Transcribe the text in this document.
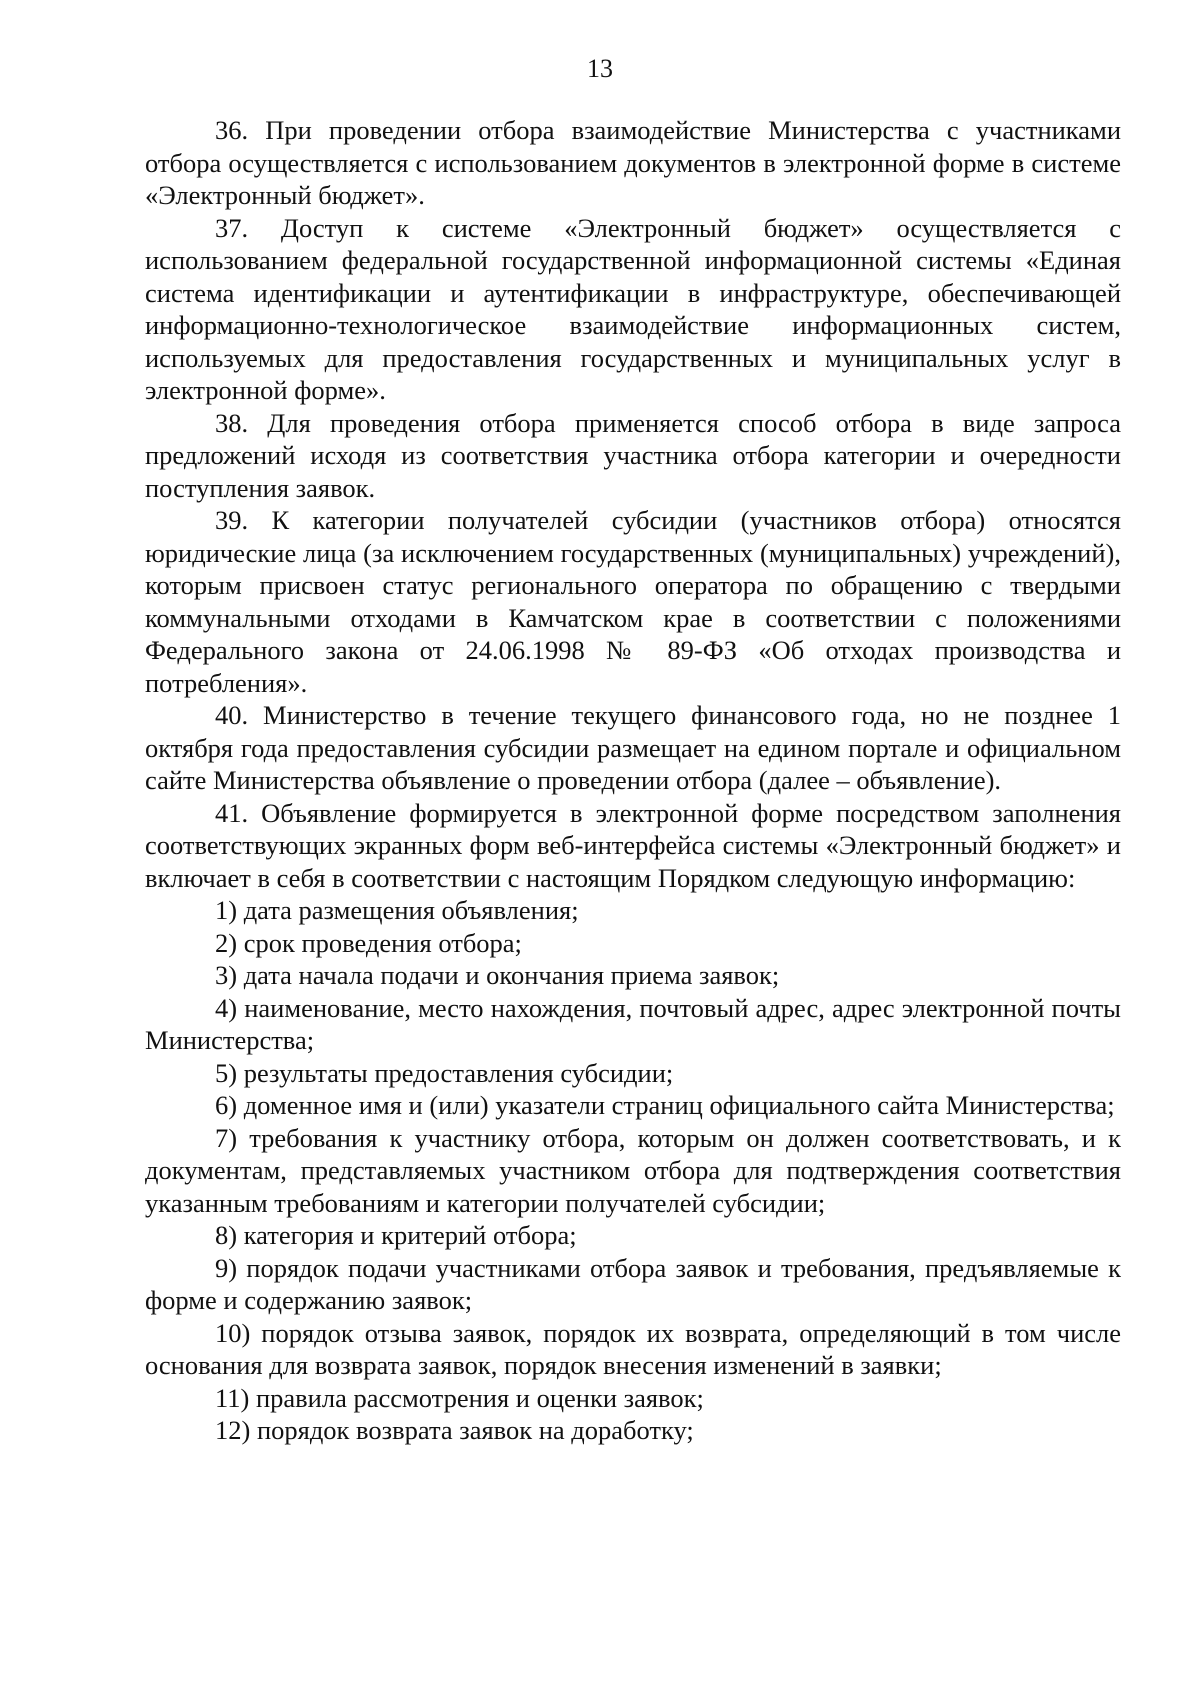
13

36. При проведении отбора взаимодействие Министерства с участниками отбора осуществляется с использованием документов в электронной форме в системе «Электронный бюджет».

37. Доступ к системе «Электронный бюджет» осуществляется с использованием федеральной государственной информационной системы «Единая система идентификации и аутентификации в инфраструктуре, обеспечивающей информационно-технологическое взаимодействие информационных систем, используемых для предоставления государственных и муниципальных услуг в электронной форме».

38. Для проведения отбора применяется способ отбора в виде запроса предложений исходя из соответствия участника отбора категории и очередности поступления заявок.

39. К категории получателей субсидии (участников отбора) относятся юридические лица (за исключением государственных (муниципальных) учреждений), которым присвоен статус регионального оператора по обращению с твердыми коммунальными отходами в Камчатском крае в соответствии с положениями Федерального закона от 24.06.1998 № 89-ФЗ «Об отходах производства и потребления».

40. Министерство в течение текущего финансового года, но не позднее 1 октября года предоставления субсидии размещает на едином портале и официальном сайте Министерства объявление о проведении отбора (далее – объявление).

41. Объявление формируется в электронной форме посредством заполнения соответствующих экранных форм веб-интерфейса системы «Электронный бюджет» и включает в себя в соответствии с настоящим Порядком следующую информацию:

1) дата размещения объявления;

2) срок проведения отбора;

3) дата начала подачи и окончания приема заявок;

4) наименование, место нахождения, почтовый адрес, адрес электронной почты Министерства;

5) результаты предоставления субсидии;

6) доменное имя и (или) указатели страниц официального сайта Министерства;

7) требования к участнику отбора, которым он должен соответствовать, и к документам, представляемых участником отбора для подтверждения соответствия указанным требованиям и категории получателей субсидии;

8) категория и критерий отбора;

9) порядок подачи участниками отбора заявок и требования, предъявляемые к форме и содержанию заявок;

10) порядок отзыва заявок, порядок их возврата, определяющий в том числе основания для возврата заявок, порядок внесения изменений в заявки;

11) правила рассмотрения и оценки заявок;

12) порядок возврата заявок на доработку;
